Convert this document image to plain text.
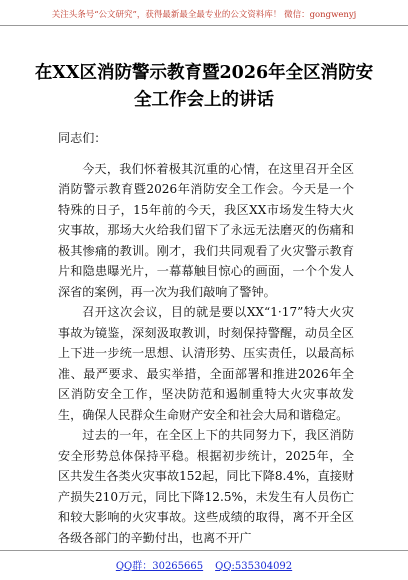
关注头条号“公文研究”，获得最新最全最专业的公文资料库！ 微信：gongwenyj
在XX区消防警示教育暨2026年全区消防安全工作会上的讲话

同志们：

今天，我们怀着极其沉重的心情，在这里召开全区消防警示教育暨2026年消防安全工作会。今天是一个特殊的日子，15年前的今天，我区XX市场发生特大火灾事故，那场大火给我们留下了永远无法磨灭的伤痛和极其惨痛的教训。刚才，我们共同观看了火灾警示教育片和隐患曝光片，一幕幕触目惊心的画面，一个个发人深省的案例，再一次为我们敲响了警钟。

召开这次会议，目的就是要以XX“1·17”特大火灾事故为镜鉴，深刻汲取教训，时刻保持警醒，动员全区上下进一步统一思想、认清形势、压实责任，以最高标准、最严要求、最实举措，全面部署和推进2026年全区消防安全工作，坚决防范和遏制重特大火灾事故发生，确保人民群众生命财产安全和社会大局和谐稳定。

过去的一年，在全区上下的共同努力下，我区消防安全形势总体保持平稳。根据初步统计，2025年，全区共发生各类火灾事故152起，同比下降8.4%，直接财产损失210万元，同比下降12.5%，未发生有人员伤亡和较大影响的火灾事故。这些成绩的取得，离不开全区各级各部门的辛勤付出，也离不开广

QQ群：30265665 QQ:535304092
